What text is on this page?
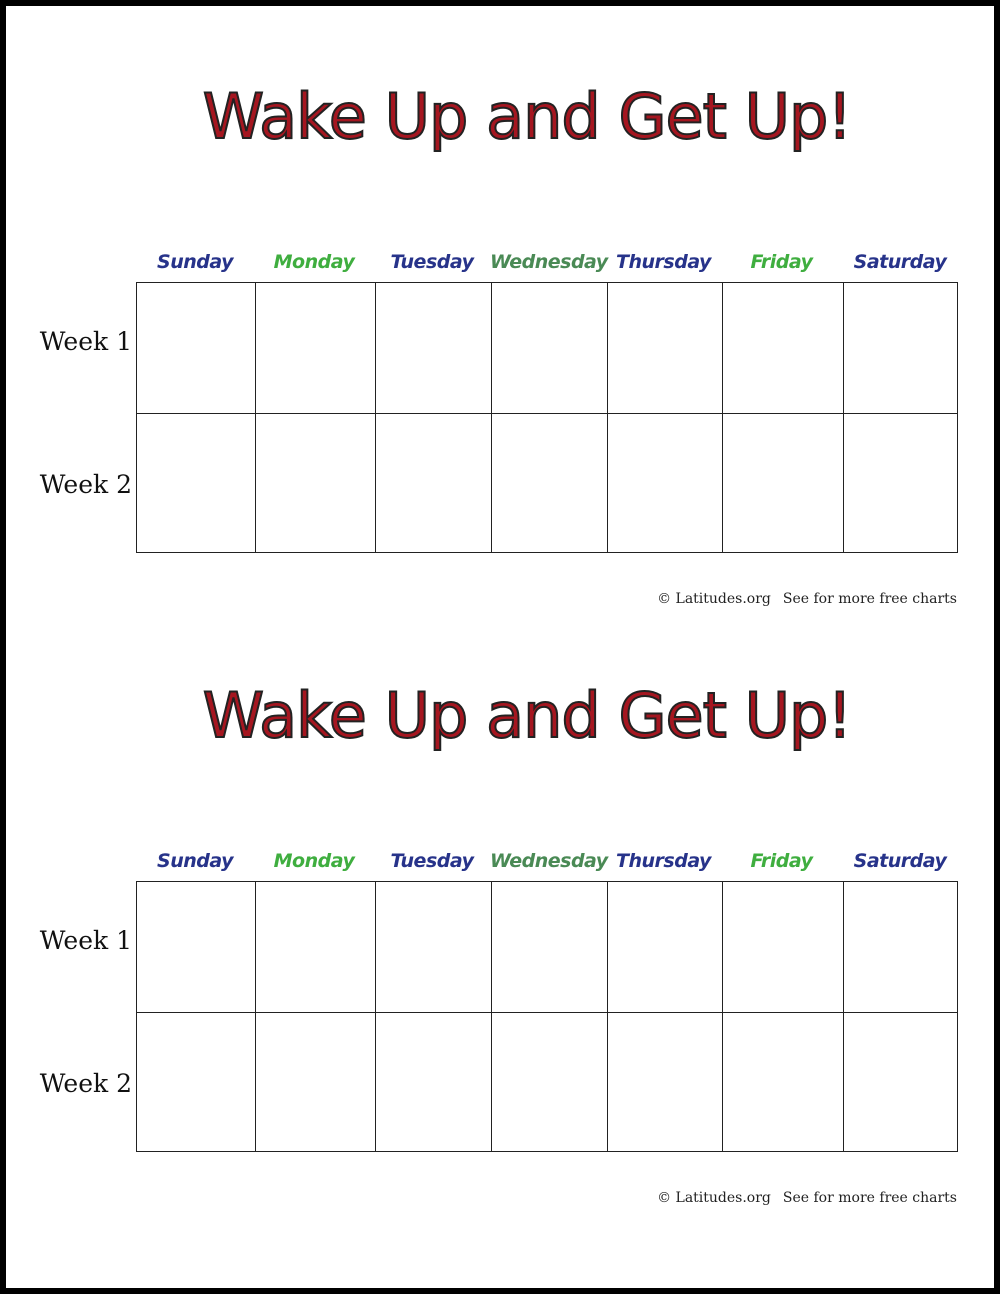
Wake Up and Get Up!
Sunday	Monday	Tuesday Wednesday Thursday	Friday	Saturday
Week 1
Week 2
© Latitudes.org See for more free charts
Wake Up and Get Up!
Sunday	Monday	Tuesday Wednesday Thursday	Friday	Saturday
Week 1
Week 2
© Latitudes.org See for more free charts
